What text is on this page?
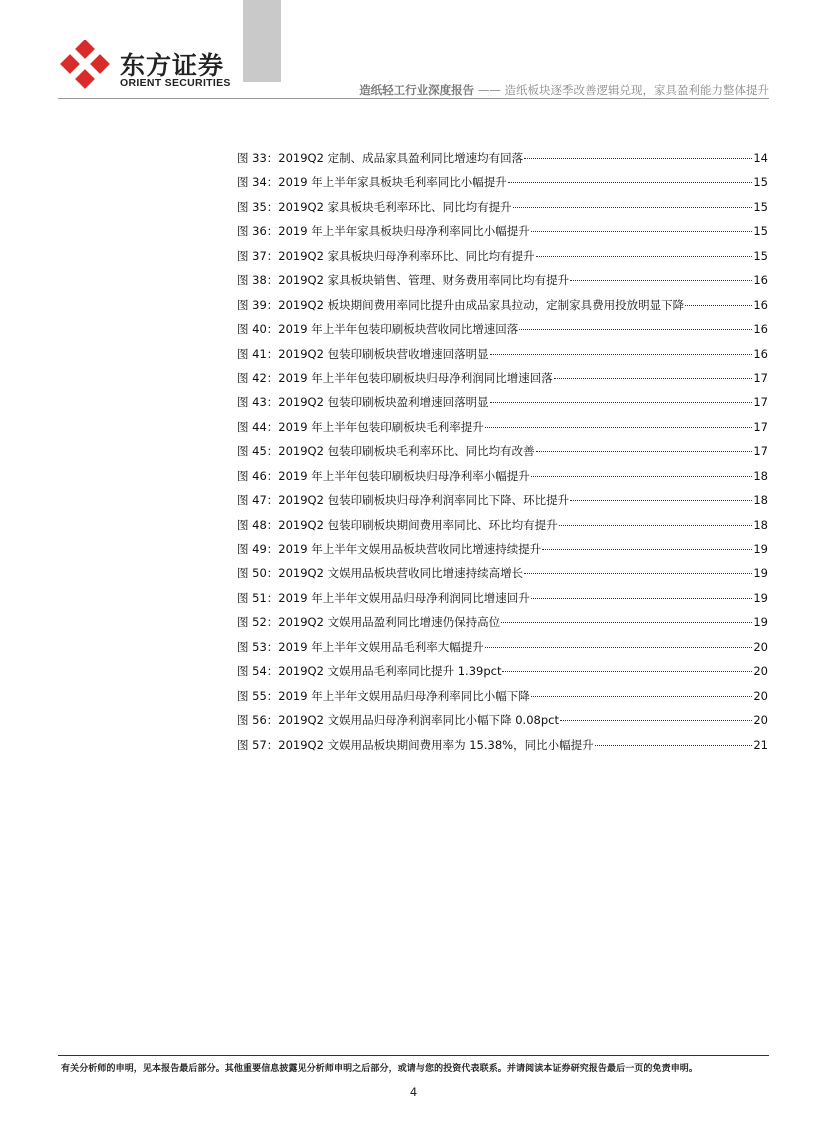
东方证券
ORIENT SECURITIES	造纸轻工行业深度报告 —— 造纸板块逐季改善逻辑兑现，家具盈利能力整体提升
图 33：2019Q2 定制、成品家具盈利同比增速均有回落	14
图 34：2019 年上半年家具板块毛利率同比小幅提升	15
图 35：2019Q2 家具板块毛利率环比、同比均有提升	15
图 36：2019 年上半年家具板块归母净利率同比小幅提升	15
图 37：2019Q2 家具板块归母净利率环比、同比均有提升	15
图 38：2019Q2 家具板块销售、管理、财务费用率同比均有提升	16
图 39：2019Q2 板块期间费用率同比提升由成品家具拉动，定制家具费用投放明显下降	16
图 40：2019 年上半年包装印刷板块营收同比增速回落	16
图 41：2019Q2 包装印刷板块营收增速回落明显	16
图 42：2019 年上半年包装印刷板块归母净利润同比增速回落	17
图 43：2019Q2 包装印刷板块盈利增速回落明显	17
图 44：2019 年上半年包装印刷板块毛利率提升	17
图 45：2019Q2 包装印刷板块毛利率环比、同比均有改善	17
图 46：2019 年上半年包装印刷板块归母净利率小幅提升	18
图 47：2019Q2 包装印刷板块归母净利润率同比下降、环比提升	18
图 48：2019Q2 包装印刷板块期间费用率同比、环比均有提升	18
图 49：2019 年上半年文娱用品板块营收同比增速持续提升	19
图 50：2019Q2 文娱用品板块营收同比增速持续高增长	19
图 51：2019 年上半年文娱用品归母净利润同比增速回升	19
图 52：2019Q2 文娱用品盈利同比增速仍保持高位	19
图 53：2019 年上半年文娱用品毛利率大幅提升	20
图 54：2019Q2 文娱用品毛利率同比提升 1.39pct	20
图 55：2019 年上半年文娱用品归母净利率同比小幅下降	20
图 56：2019Q2 文娱用品归母净利润率同比小幅下降 0.08pct	20
图 57：2019Q2 文娱用品板块期间费用率为 15.38%，同比小幅提升	21
有关分析师的申明，见本报告最后部分。其他重要信息披露见分析师申明之后部分，或请与您的投资代表联系。并请阅读本证券研究报告最后一页的免责申明。
4
